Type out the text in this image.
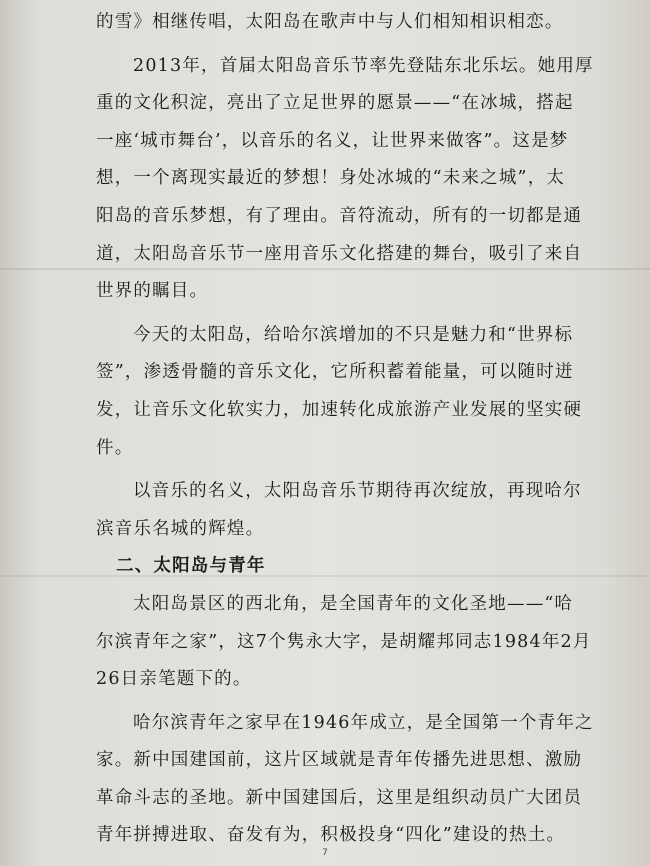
的雪》相继传唱，太阳岛在歌声中与人们相知相识相恋。
2013年，首届太阳岛音乐节率先登陆东北乐坛。她用厚
重的文化积淀，亮出了立足世界的愿景——“在冰城，搭起
一座‘城市舞台’，以音乐的名义，让世界来做客”。这是梦
想，一个离现实最近的梦想！身处冰城的“未来之城”，太
阳岛的音乐梦想，有了理由。音符流动，所有的一切都是通
道，太阳岛音乐节一座用音乐文化搭建的舞台，吸引了来自
世界的瞩目。
今天的太阳岛，给哈尔滨增加的不只是魅力和“世界标
签”，渗透骨髓的音乐文化，它所积蓄着能量，可以随时迸
发，让音乐文化软实力，加速转化成旅游产业发展的坚实硬
件。
以音乐的名义，太阳岛音乐节期待再次绽放，再现哈尔
滨音乐名城的辉煌。
二、太阳岛与青年
太阳岛景区的西北角，是全国青年的文化圣地——“哈
尔滨青年之家”，这7个隽永大字，是胡耀邦同志1984年2月
26日亲笔题下的。
哈尔滨青年之家早在1946年成立，是全国第一个青年之
家。新中国建国前，这片区域就是青年传播先进思想、激励
革命斗志的圣地。新中国建国后，这里是组织动员广大团员
青年拼搏进取、奋发有为，积极投身“四化”建设的热土。
7
